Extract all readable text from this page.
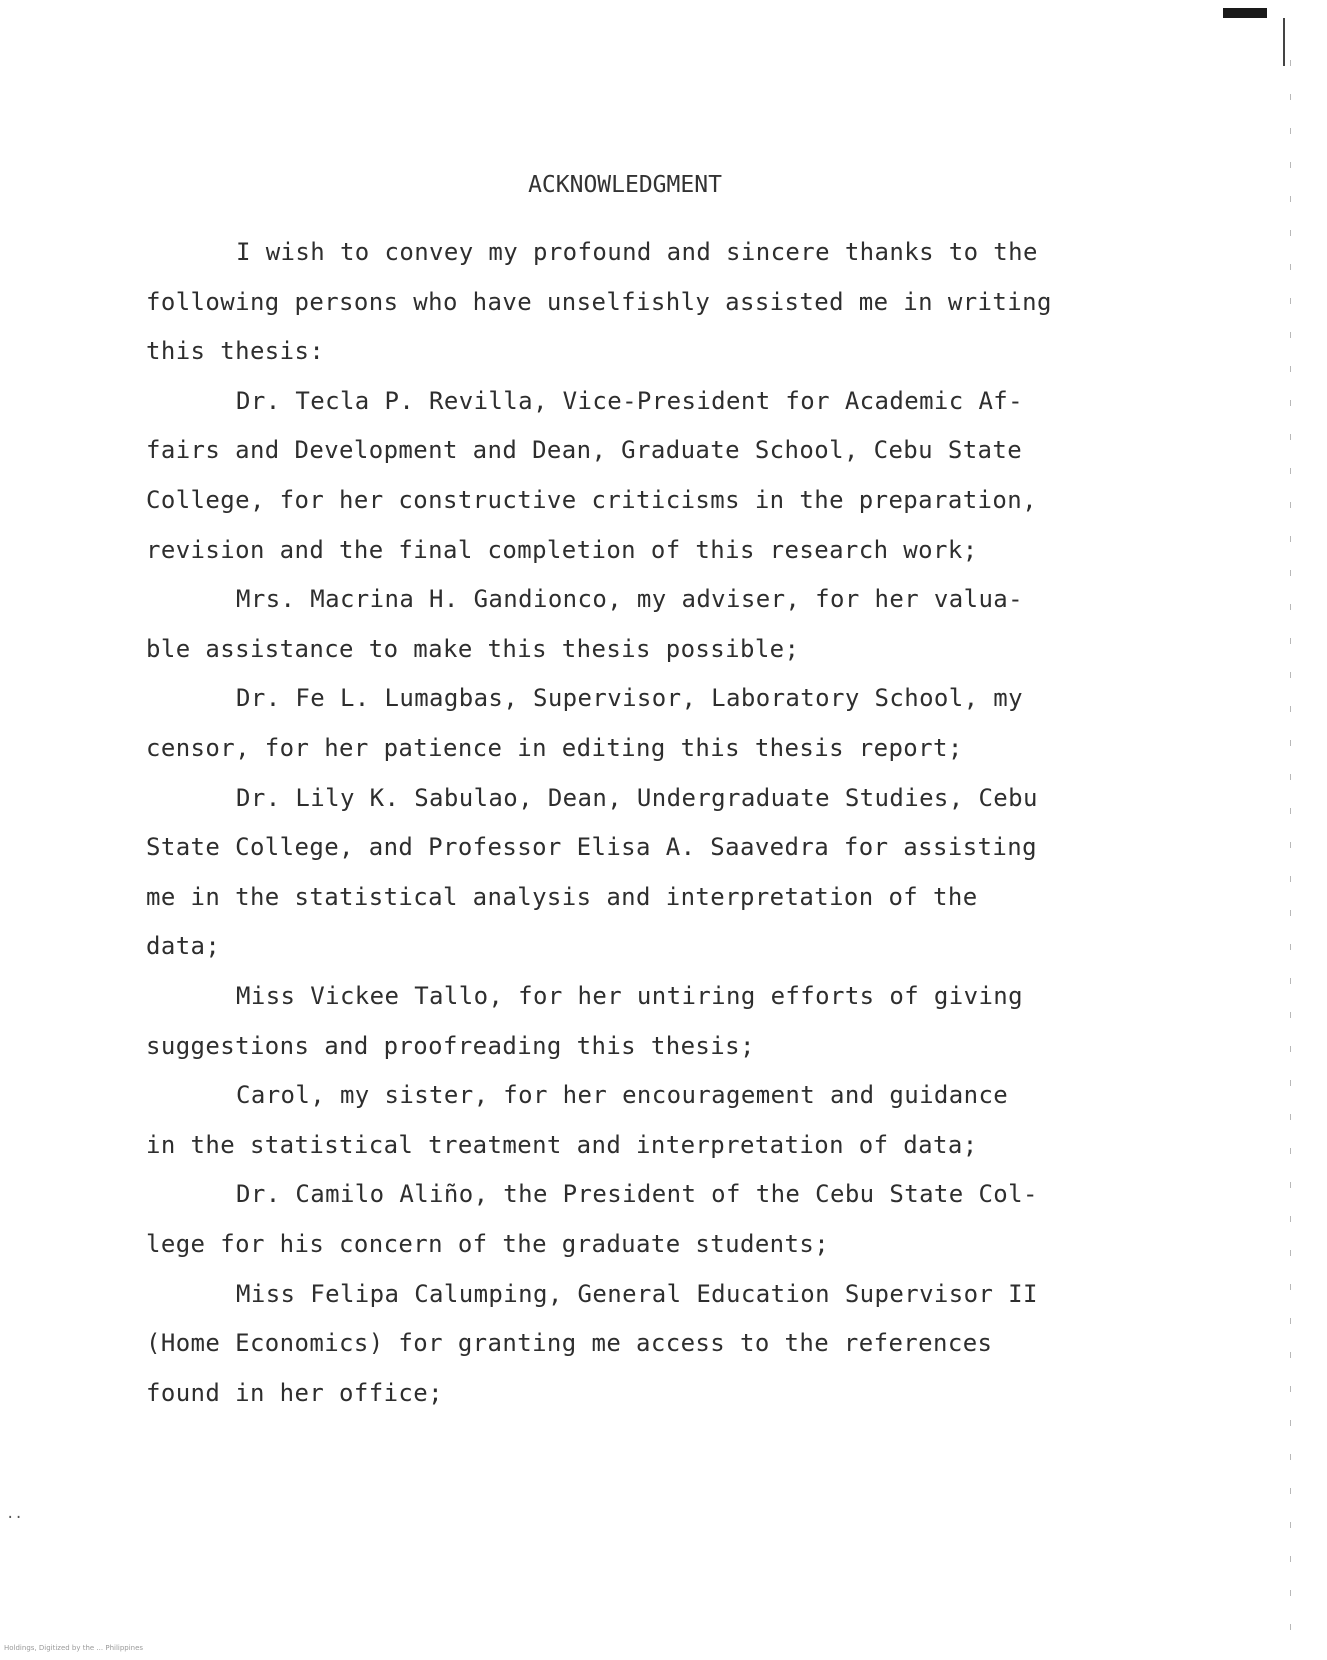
ACKNOWLEDGMENT
I wish to convey my profound and sincere thanks to the
following persons who have unselfishly assisted me in writing
this thesis:
Dr. Tecla P. Revilla, Vice-President for Academic Af-
fairs and Development and Dean, Graduate School, Cebu State
College, for her constructive criticisms in the preparation,
revision and the final completion of this research work;
Mrs. Macrina H. Gandionco, my adviser, for her valua-
ble assistance to make this thesis possible;
Dr. Fe L. Lumagbas, Supervisor, Laboratory School, my
censor, for her patience in editing this thesis report;
Dr. Lily K. Sabulao, Dean, Undergraduate Studies, Cebu
State College, and Professor Elisa A. Saavedra for assisting
me in the statistical analysis and interpretation of the
data;
Miss Vickee Tallo, for her untiring efforts of giving
suggestions and proofreading this thesis;
Carol, my sister, for her encouragement and guidance
in the statistical treatment and interpretation of data;
Dr. Camilo Aliño, the President of the Cebu State Col-
lege for his concern of the graduate students;
Miss Felipa Calumping, General Education Supervisor II
(Home Economics) for granting me access to the references
found in her office;
..
Holdings, Digitized by the ... Philippines
